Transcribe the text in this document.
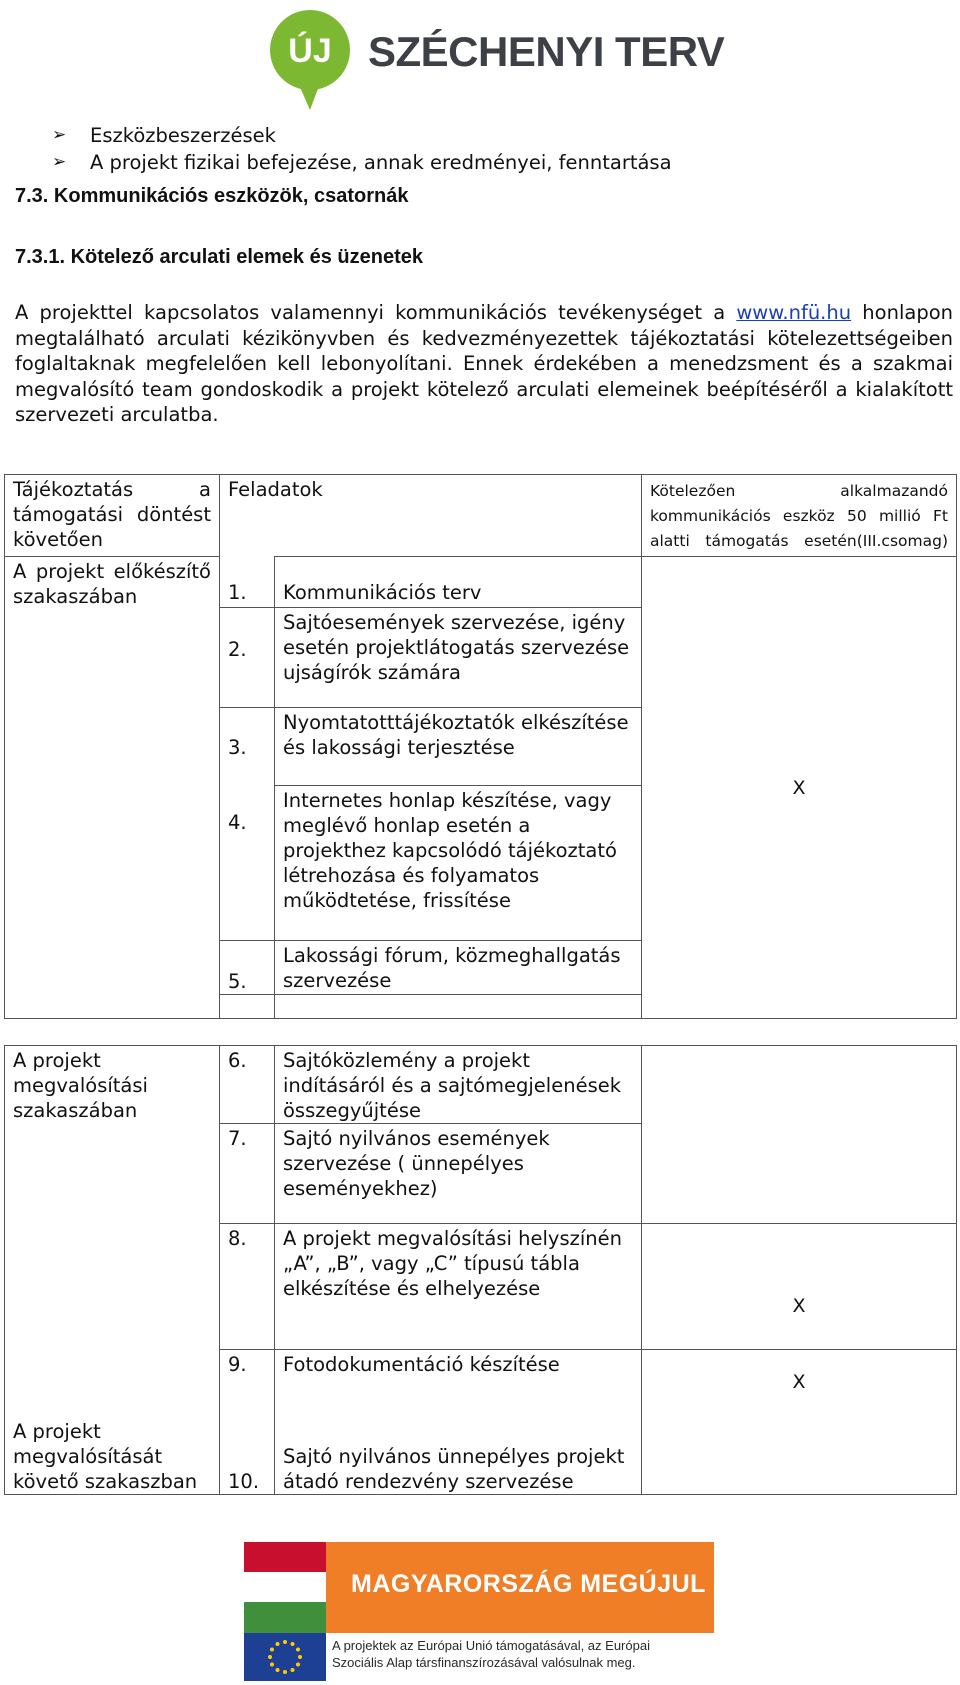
ÚJ SZÉCHENYI TERV
➢ Eszközbeszerzések
➢ A projekt fizikai befejezése, annak eredményei, fenntartása
7.3. Kommunikációs eszközök, csatornák
7.3.1. Kötelező arculati elemek és üzenetek

A projekttel kapcsolatos valamennyi kommunikációs tevékenységet a www.nfü.hu honlapon megtalálható arculati kézikönyvben és kedvezményezettek tájékoztatási kötelezettségeiben foglaltaknak megfelelően kell lebonyolítani. Ennek érdekében a menedzsment és a szakmai megvalósító team gondoskodik a projekt kötelező arculati elemeinek beépítéséről a kialakított szervezeti arculatba.

Tájékoztatás a támogatási döntést követően	Feladatok		Kötelezően alkalmazandó kommunikációs eszköz 50 millió Ft alatti támogatás esetén(III.csomag)
A projekt előkészítő szakaszában	1.	Kommunikációs terv	X
	2.	Sajtóesemények szervezése, igény esetén projektlátogatás szervezése ujságírók számára	
	3.	Nyomtatotttájékoztatók elkészítése és lakossági terjesztése	
	4.	Internetes honlap készítése, vagy meglévő honlap esetén a projekthez kapcsolódó tájékoztató létrehozása és folyamatos működtetése, frissítése	
	5.	Lakossági fórum, közmeghallgatás szervezése	

A projekt megvalósítási szakaszában	6.	Sajtóközlemény a projekt indításáról és a sajtómegjelenések összegyűjtése	
	7.	Sajtó nyilvános események szervezése ( ünnepélyes eseményekhez)	
	8.	A projekt megvalósítási helyszínén „A”, „B”, vagy „C” típusú tábla elkészítése és elhelyezése	X
	9.	Fotodokumentáció készítése	X
A projekt megvalósítását követő szakaszban	10.	Sajtó nyilvános ünnepélyes projekt átadó rendezvény szervezése	
MAGYARORSZÁG MEGÚJUL
A projektek az Európai Unió támogatásával, az Európai
Szociális Alap társfinanszírozásával valósulnak meg.
